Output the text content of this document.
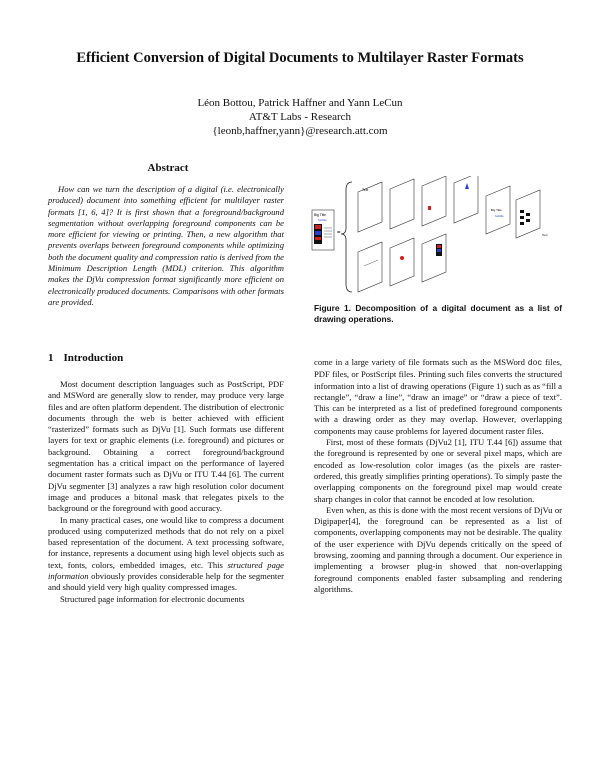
Efficient Conversion of Digital Documents to Multilayer Raster Formats
Léon Bottou, Patrick Haffner and Yann LeCun
AT&T Labs - Research
{leonb,haffner,yann}@research.att.com
Abstract

How can we turn the description of a digital (i.e. electronically produced) document into something efficient for multilayer raster formats [1, 6, 4]? It is first shown that a foreground/background segmentation without overlapping foreground components can be more efficient for viewing or printing. Then, a new algorithm that prevents overlaps between foreground components while optimizing both the document quality and compression ratio is derived from the Minimum Description Length (MDL) criterion. This algorithm makes the DjVu compression format significantly more efficient on electronically produced documents. Comparisons with other formats are provided.

Big Title
Subtitle
=
Text
Big Title
Subtitle
Text
Figure 1. Decomposition of a digital document as a list of drawing operations.
1 Introduction

Most document description languages such as PostScript, PDF and MSWord are generally slow to render, may produce very large files and are often platform dependent. The distribution of electronic documents through the web is better achieved with efficient “rasterized” formats such as DjVu [1]. Such formats use different layers for text or graphic elements (i.e. foreground) and pictures or background. Obtaining a correct foreground/background segmentation has a critical impact on the performance of layered document raster formats such as DjVu or ITU T.44 [6]. The current DjVu segmenter [3] analyzes a raw high resolution color document image and produces a bitonal mask that relegates pixels to the background or the foreground with good accuracy.

In many practical cases, one would like to compress a document produced using computerized methods that do not rely on a pixel based representation of the document. A text processing software, for instance, represents a document using high level objects such as text, fonts, colors, embedded images, etc. This structured page information obviously provides considerable help for the segmenter and should yield very high quality compressed images.

Structured page information for electronic documents

come in a large variety of file formats such as the MSWord doc files, PDF files, or PostScript files. Printing such files converts the structured information into a list of drawing operations (Figure 1) such as as “fill a rectangle”, “draw a line”, “draw an image” or “draw a piece of text”. This can be interpreted as a list of predefined foreground components with a drawing order as they may overlap. However, overlapping components may cause problems for layered document raster files.

First, most of these formats (DjVu2 [1], ITU T.44 [6]) assume that the foreground is represented by one or several pixel maps, which are encoded as low-resolution color images (as the pixels are raster-ordered, this greatly simplifies printing operations). To simply paste the overlapping components on the foreground pixel map would create sharp changes in color that cannot be encoded at low resolution.

Even when, as this is done with the most recent versions of DjVu or Digipaper[4], the foreground can be represented as a list of components, overlapping components may not be desirable. The quality of the user experience with DjVu depends critically on the speed of browsing, zooming and panning through a document. Our experience in implementing a browser plug-in showed that non-overlapping foreground components enabled faster subsampling and rendering algorithms.
